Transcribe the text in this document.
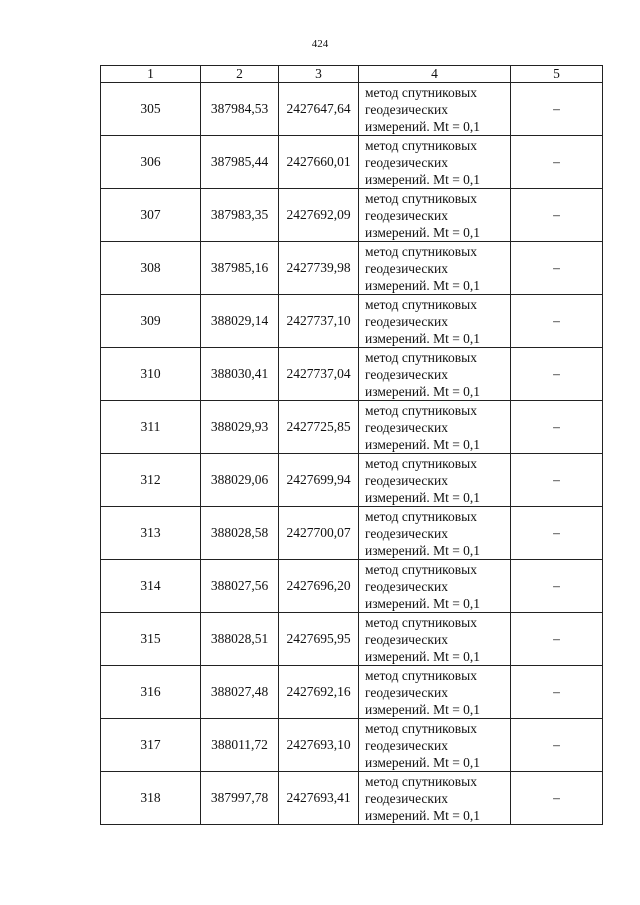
424
1	2	3	4	5
305	387984,53	2427647,64	метод спутниковых
геодезических
измерений. Mt = 0,1	–
306	387985,44	2427660,01	метод спутниковых
геодезических
измерений. Mt = 0,1	–
307	387983,35	2427692,09	метод спутниковых
геодезических
измерений. Mt = 0,1	–
308	387985,16	2427739,98	метод спутниковых
геодезических
измерений. Mt = 0,1	–
309	388029,14	2427737,10	метод спутниковых
геодезических
измерений. Mt = 0,1	–
310	388030,41	2427737,04	метод спутниковых
геодезических
измерений. Mt = 0,1	–
311	388029,93	2427725,85	метод спутниковых
геодезических
измерений. Mt = 0,1	–
312	388029,06	2427699,94	метод спутниковых
геодезических
измерений. Mt = 0,1	–
313	388028,58	2427700,07	метод спутниковых
геодезических
измерений. Mt = 0,1	–
314	388027,56	2427696,20	метод спутниковых
геодезических
измерений. Mt = 0,1	–
315	388028,51	2427695,95	метод спутниковых
геодезических
измерений. Mt = 0,1	–
316	388027,48	2427692,16	метод спутниковых
геодезических
измерений. Mt = 0,1	–
317	388011,72	2427693,10	метод спутниковых
геодезических
измерений. Mt = 0,1	–
318	387997,78	2427693,41	метод спутниковых
геодезических
измерений. Mt = 0,1	–
